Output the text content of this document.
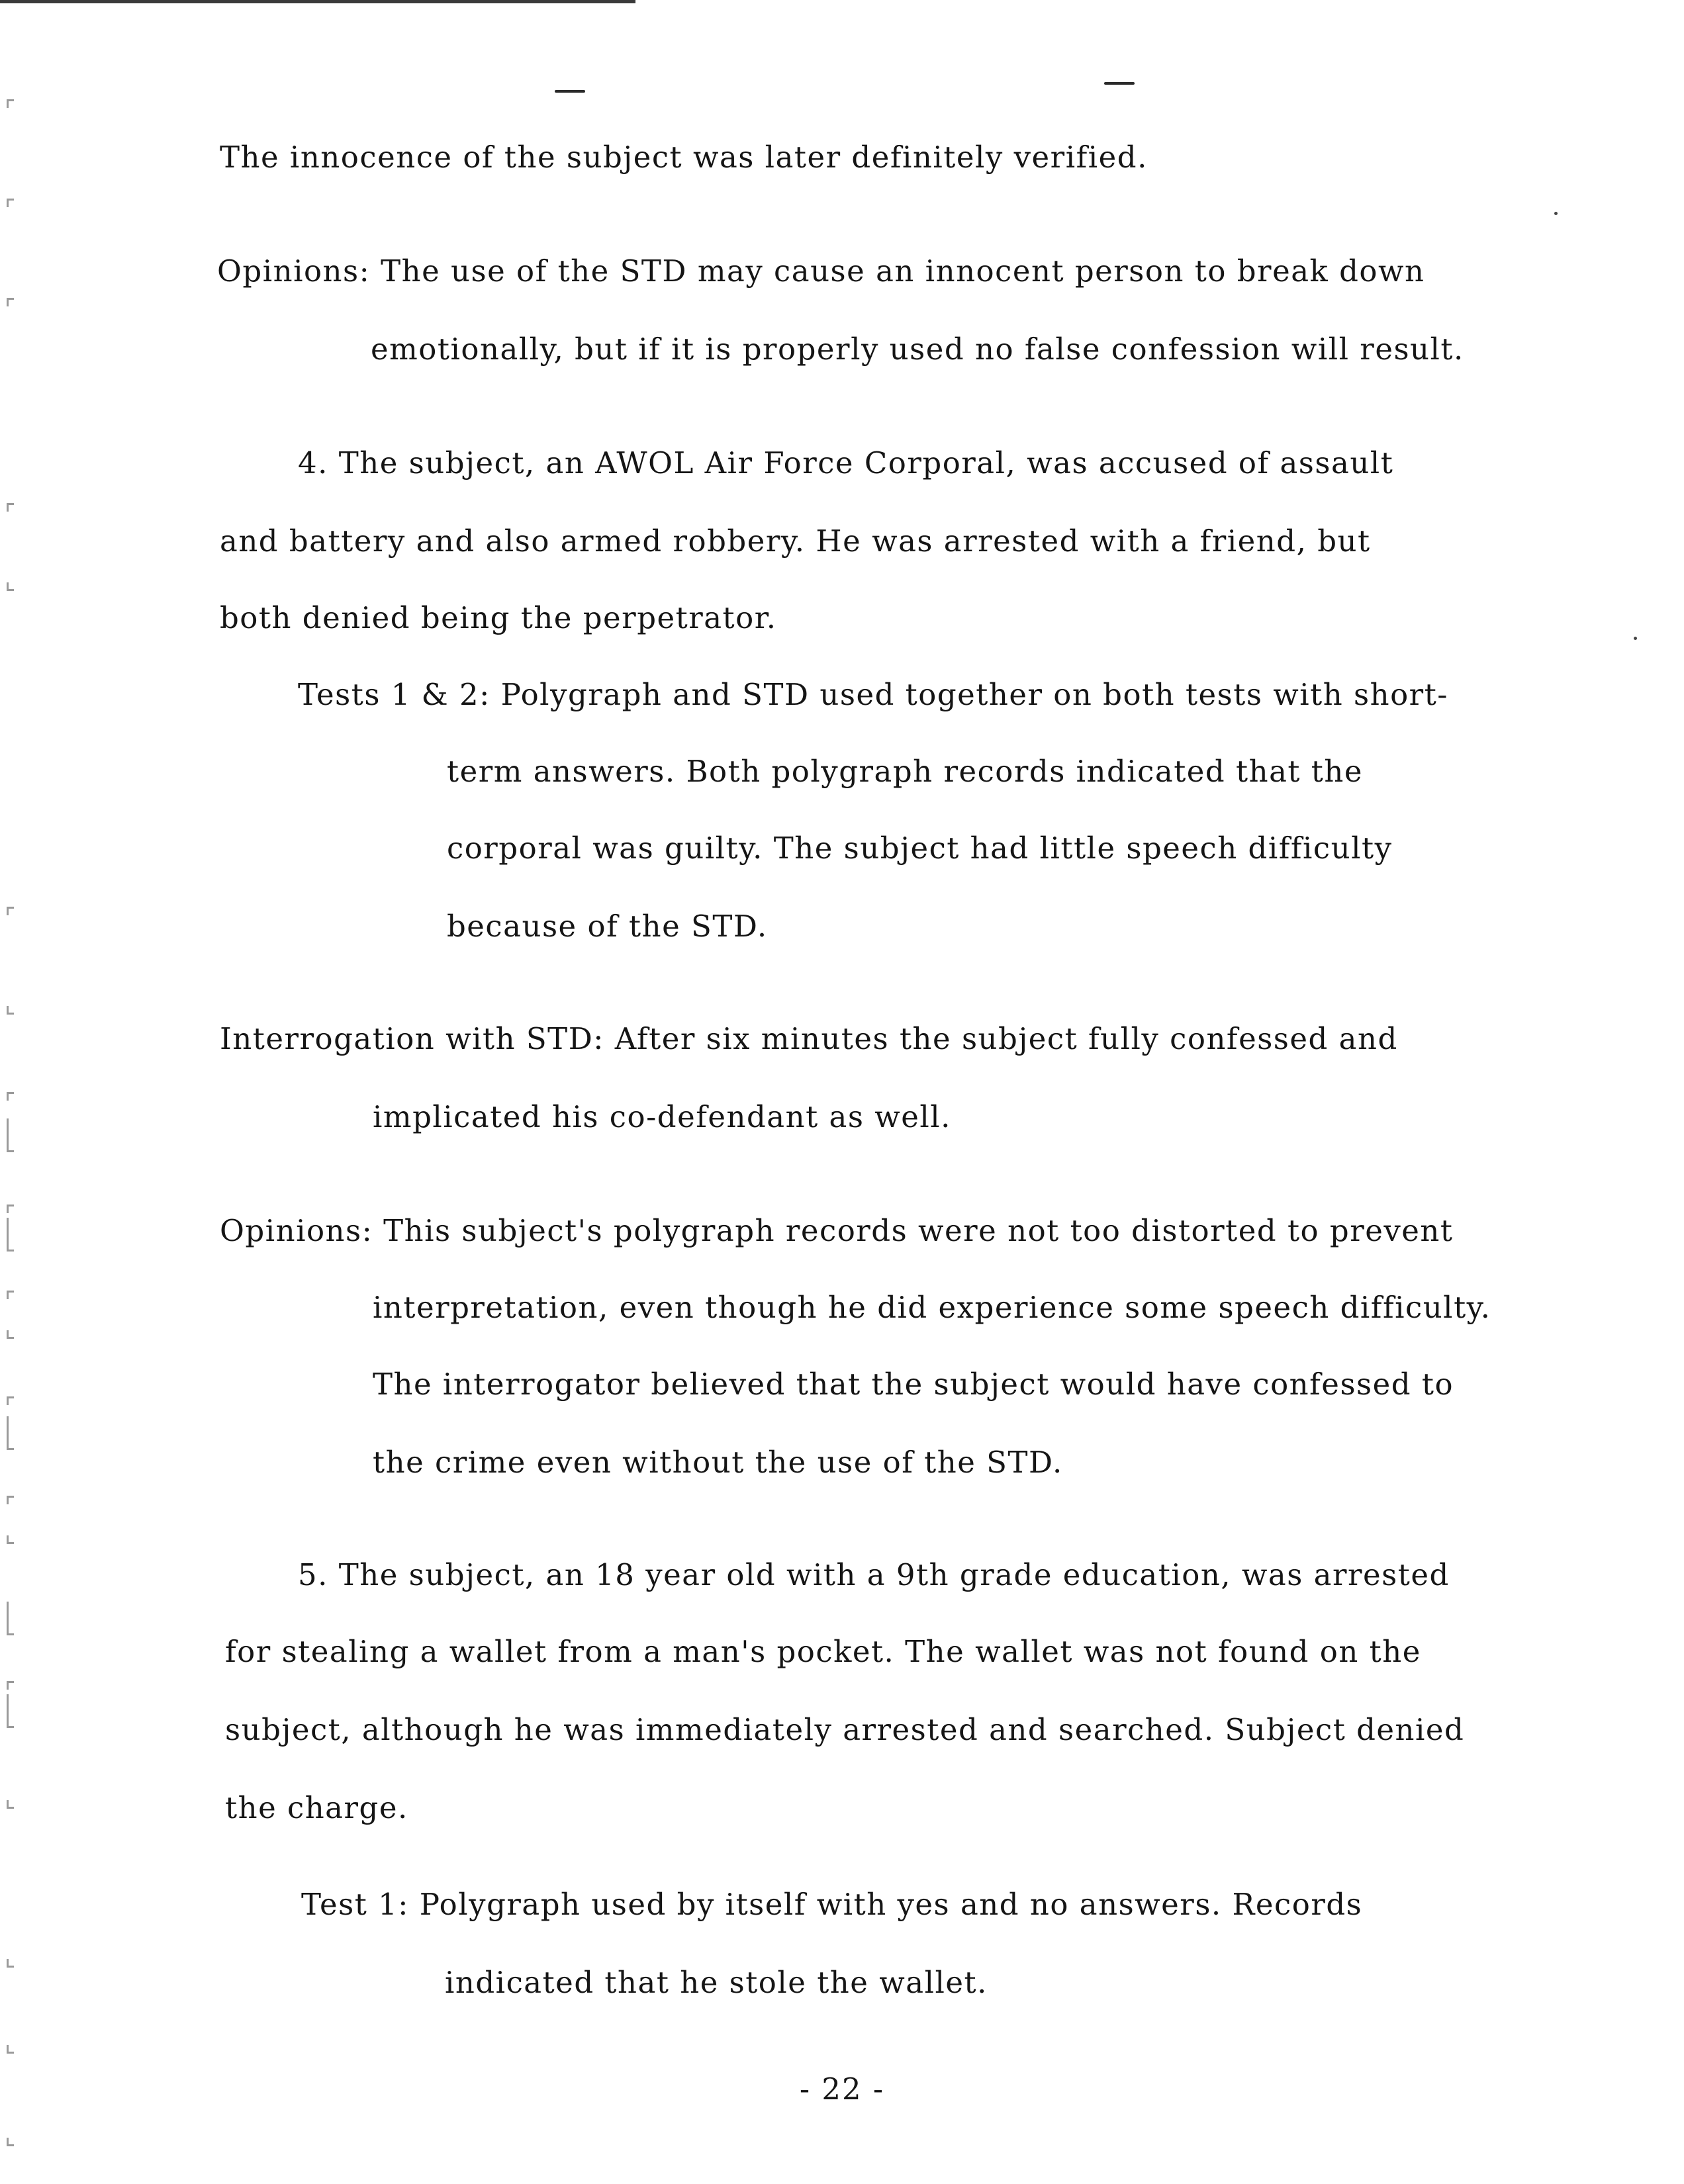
The innocence of the subject was later definitely verified.
Opinions: The use of the STD may cause an innocent person to break down
emotionally, but if it is properly used no false confession will result.
4. The subject, an AWOL Air Force Corporal, was accused of assault
and battery and also armed robbery. He was arrested with a friend, but
both denied being the perpetrator.
Tests 1 & 2: Polygraph and STD used together on both tests with short-
term answers. Both polygraph records indicated that the
corporal was guilty. The subject had little speech difficulty
because of the STD.
Interrogation with STD: After six minutes the subject fully confessed and
implicated his co-defendant as well.
Opinions: This subject's polygraph records were not too distorted to prevent
interpretation, even though he did experience some speech difficulty.
The interrogator believed that the subject would have confessed to
the crime even without the use of the STD.
5. The subject, an 18 year old with a 9th grade education, was arrested
for stealing a wallet from a man's pocket. The wallet was not found on the
subject, although he was immediately arrested and searched. Subject denied
the charge.
Test 1: Polygraph used by itself with yes and no answers. Records
indicated that he stole the wallet.
- 22 -
